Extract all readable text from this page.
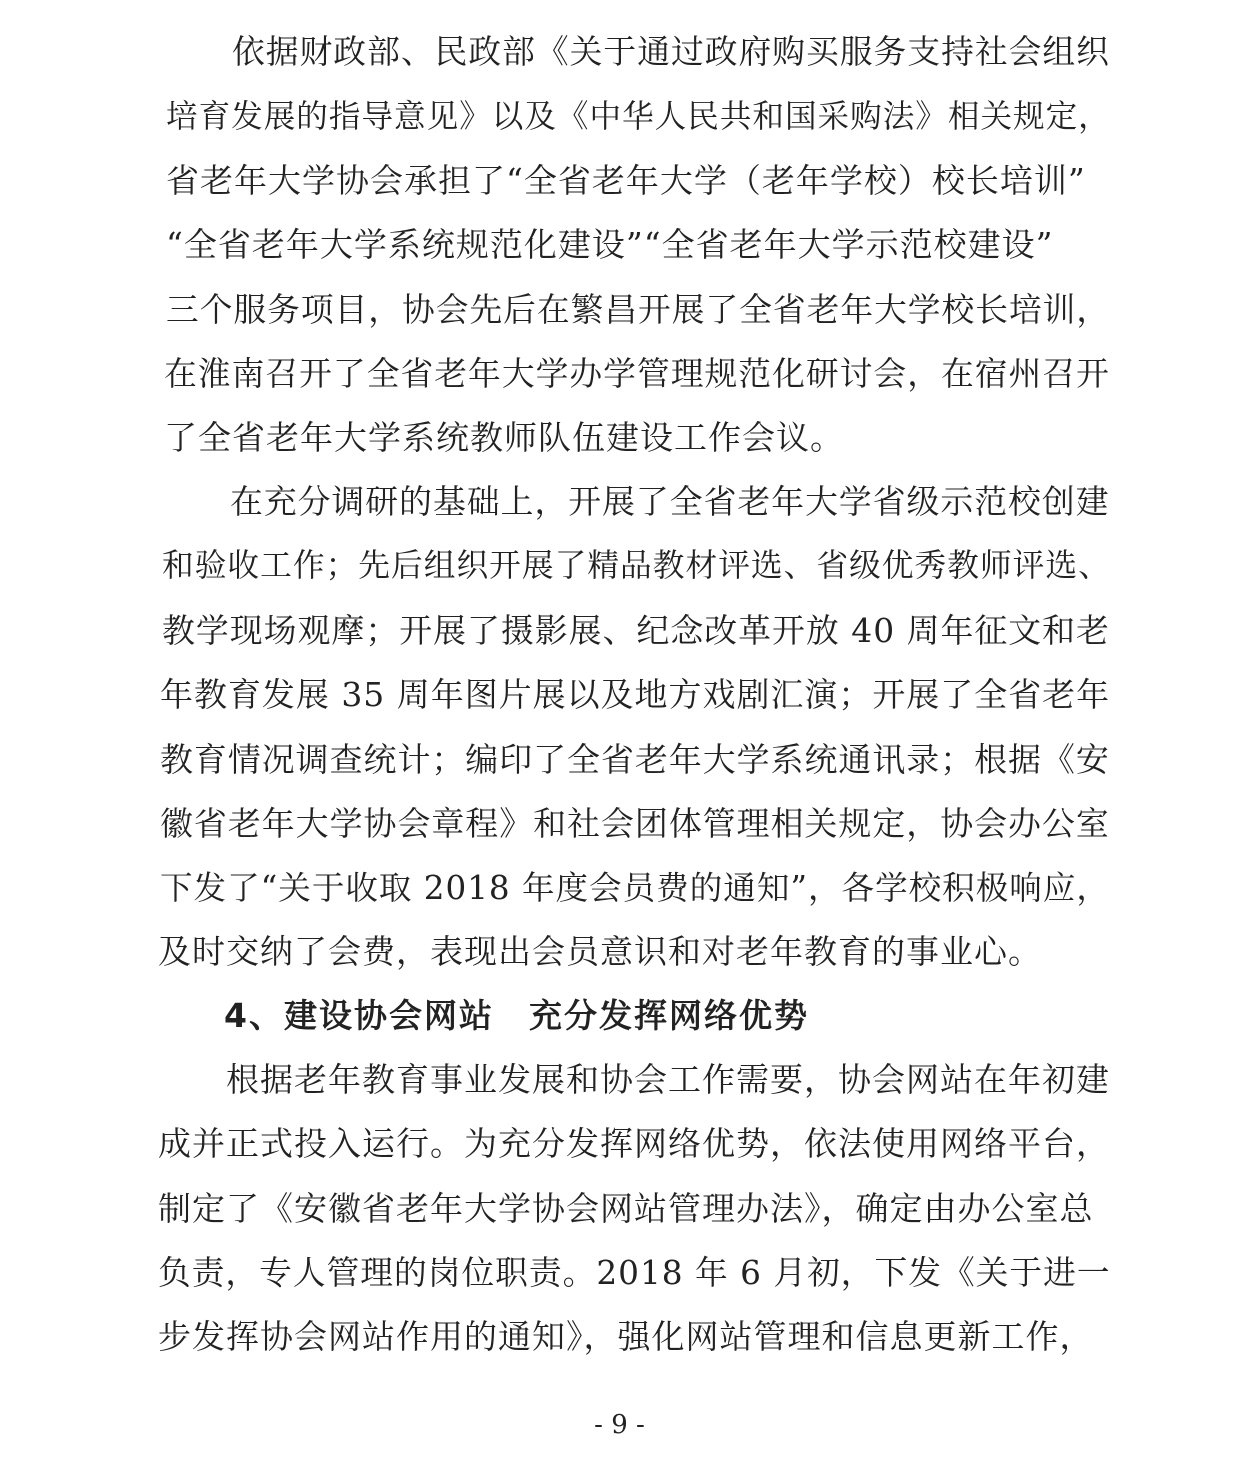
依据财政部、民政部《关于通过政府购买服务支持社会组织
培育发展的指导意见》以及《中华人民共和国采购法》相关规定，
省老年大学协会承担了“全省老年大学（老年学校）校长培训”
“全省老年大学系统规范化建设”“全省老年大学示范校建设”
三个服务项目，协会先后在繁昌开展了全省老年大学校长培训，
在淮南召开了全省老年大学办学管理规范化研讨会，在宿州召开
了全省老年大学系统教师队伍建设工作会议。
在充分调研的基础上，开展了全省老年大学省级示范校创建
和验收工作；先后组织开展了精品教材评选、省级优秀教师评选、
教学现场观摩；开展了摄影展、纪念改革开放 40 周年征文和老
年教育发展 35 周年图片展以及地方戏剧汇演；开展了全省老年
教育情况调查统计；编印了全省老年大学系统通讯录；根据《安
徽省老年大学协会章程》和社会团体管理相关规定，协会办公室
下发了“关于收取 2018 年度会员费的通知”，各学校积极响应，
及时交纳了会费，表现出会员意识和对老年教育的事业心。
4、建设协会网站　充分发挥网络优势
根据老年教育事业发展和协会工作需要，协会网站在年初建
成并正式投入运行。为充分发挥网络优势，依法使用网络平台，
制定了《安徽省老年大学协会网站管理办法》，确定由办公室总
负责，专人管理的岗位职责。2018 年 6 月初，下发《关于进一
步发挥协会网站作用的通知》，强化网站管理和信息更新工作，
- 9 -
